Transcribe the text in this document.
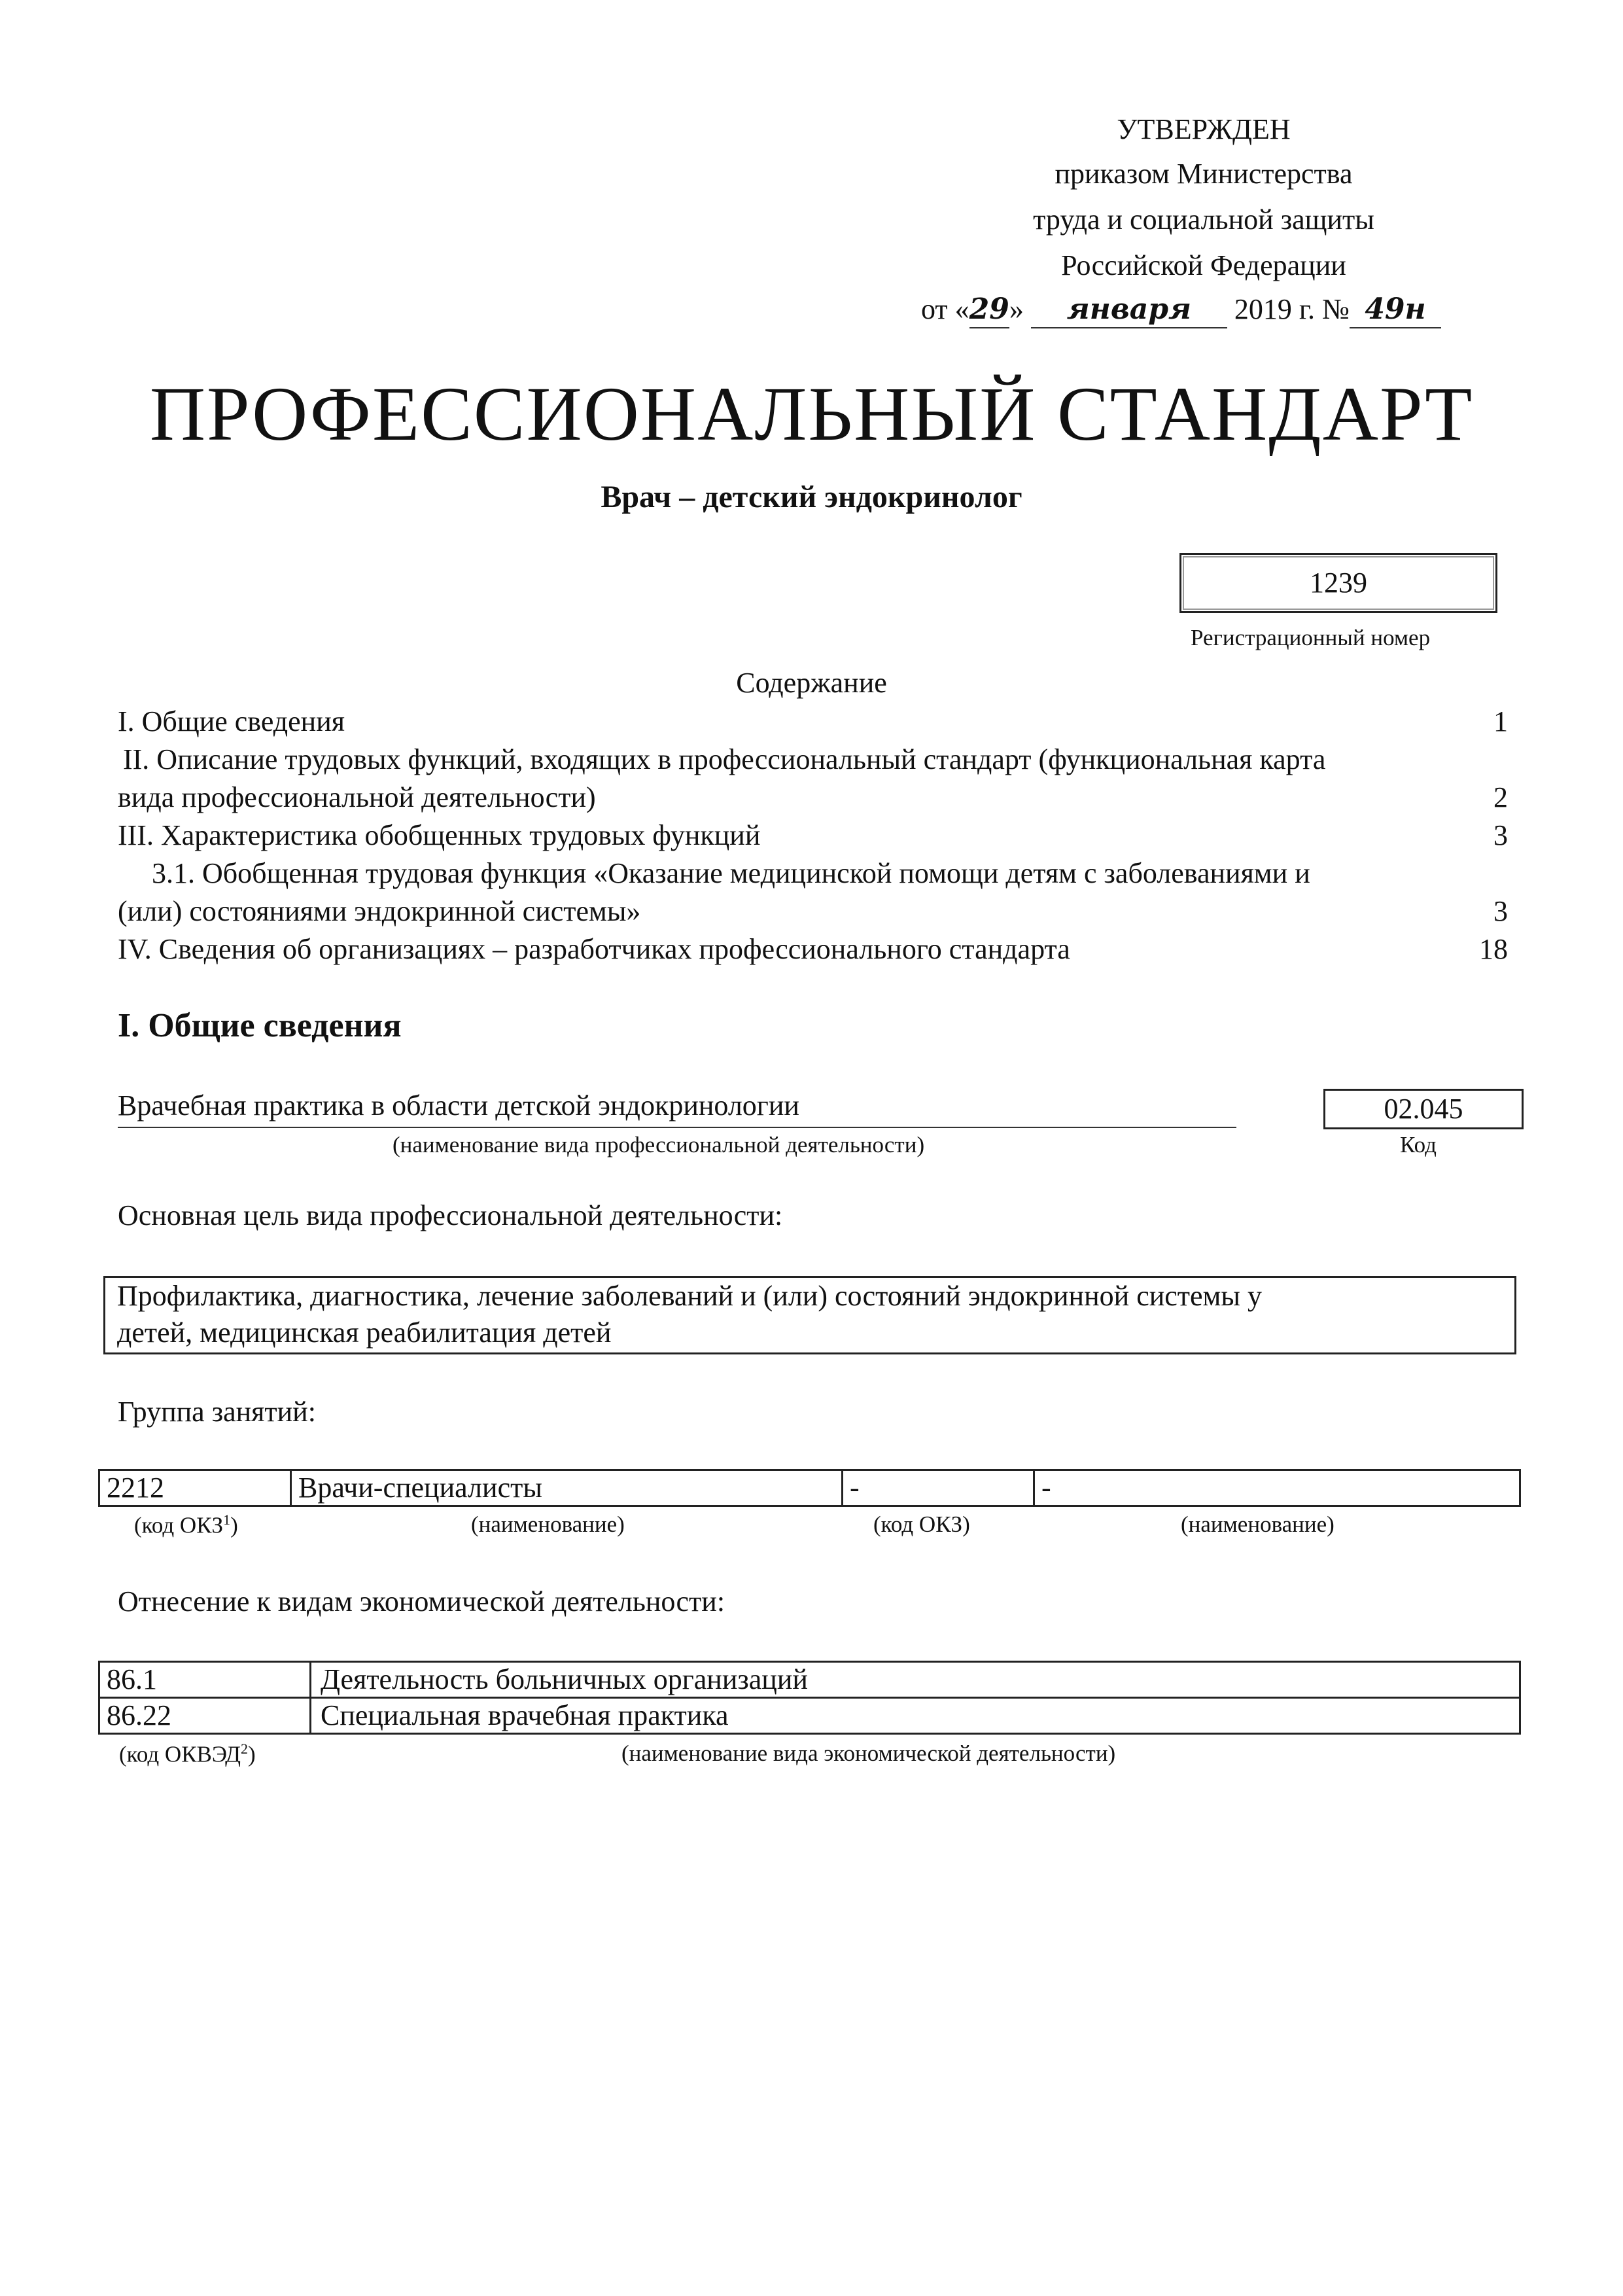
УТВЕРЖДЕН
приказом Министерства
труда и социальной защиты
Российской Федерации
от «29» января 2019 г. № 49н
ПРОФЕССИОНАЛЬНЫЙ СТАНДАРТ
Врач – детский эндокринолог
1239
Регистрационный номер
Содержание
I. Общие сведения	1
II. Описание трудовых функций, входящих в профессиональный стандарт (функциональная карта
вида профессиональной деятельности)	2
III. Характеристика обобщенных трудовых функций	3
3.1. Обобщенная трудовая функция «Оказание медицинской помощи детям с заболеваниями и
(или) состояниями эндокринной системы»	3
IV. Сведения об организациях – разработчиках профессионального стандарта	18
I. Общие сведения
Врачебная практика в области детской эндокринологии
(наименование вида профессиональной деятельности)
02.045
Код
Основная цель вида профессиональной деятельности:
Профилактика, диагностика, лечение заболеваний и (или) состояний эндокринной системы у
детей, медицинская реабилитация детей
Группа занятий:
2212	Врачи-специалисты	-	-
(код ОКЗ$^1$)	(наименование)	(код ОКЗ)	(наименование)
Отнесение к видам экономической деятельности:
86.1	Деятельность больничных организаций
86.22	Специальная врачебная практика
(код ОКВЭД$^2$)	(наименование вида экономической деятельности)
